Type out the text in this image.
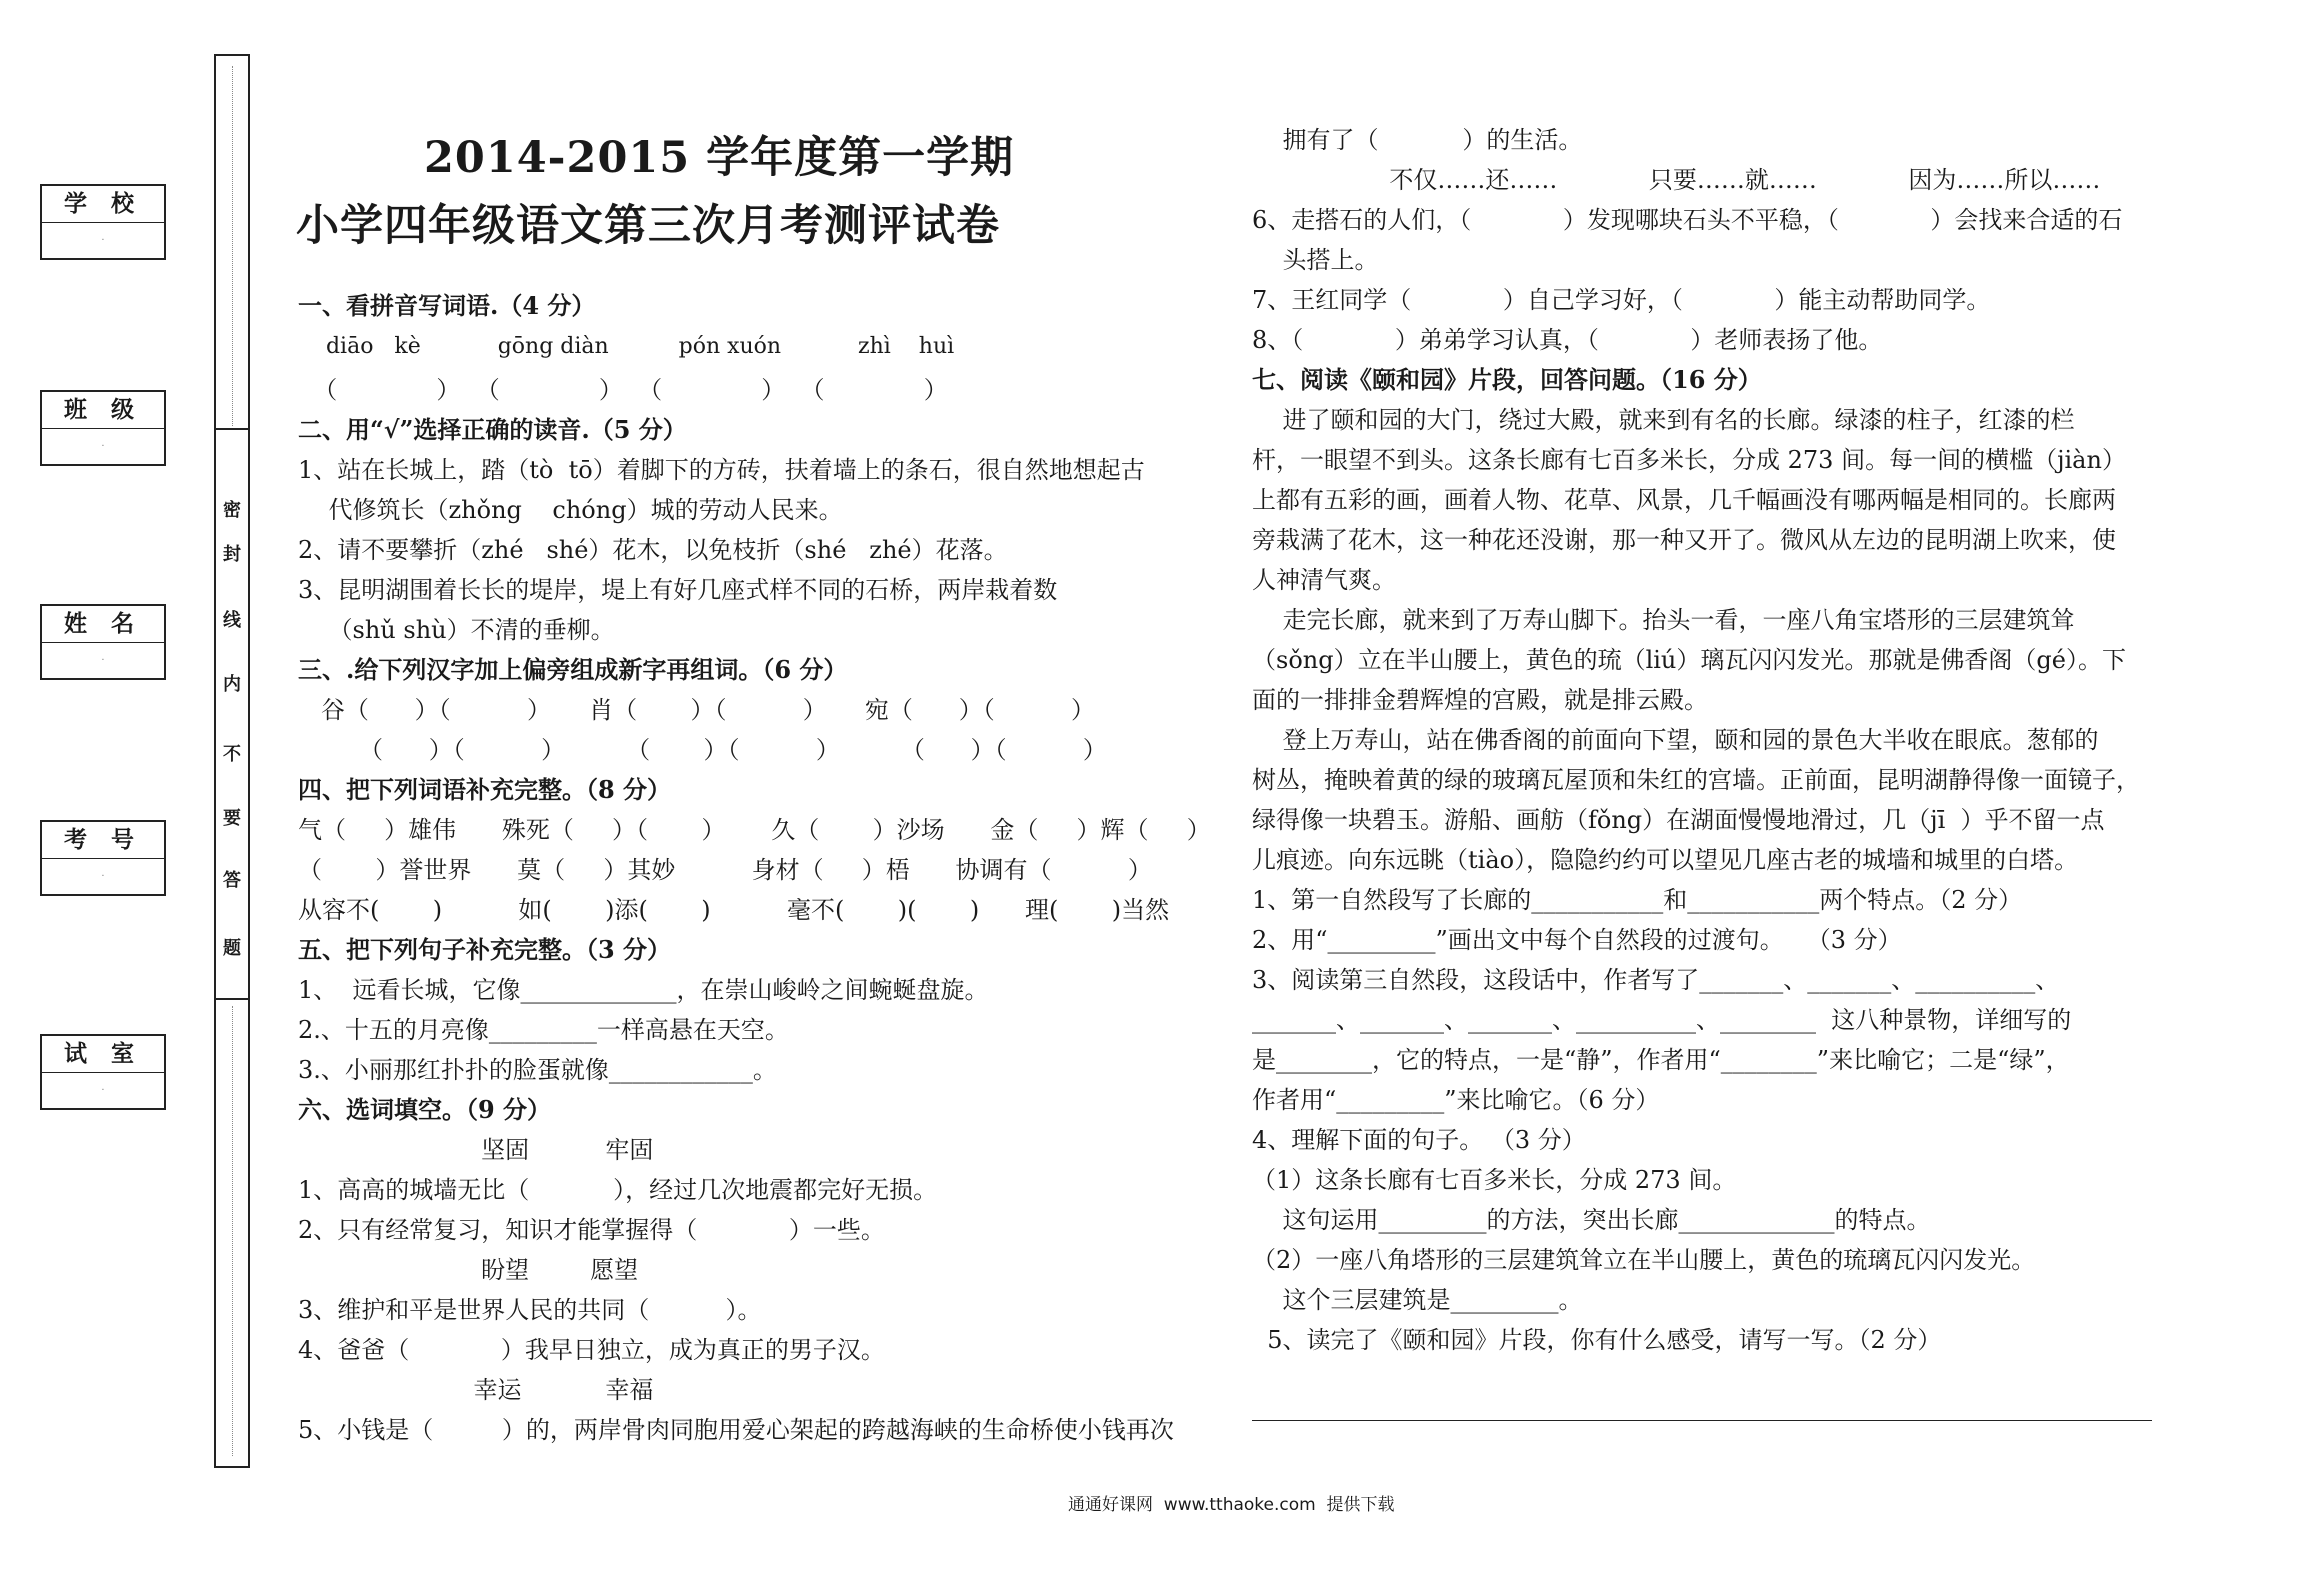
学 校
·
班 级
·
姓 名
·
考 号
·
试 室
·
密
封
线
内
不
要
答
题
2014-2015 学年度第一学期
小学四年级语文第三次月考测评试卷
一、看拼音写词语.（4 分）
diāo   kè           gōng diàn          pón xuón           zhì    huì
（             ）  （             ）  （             ）  （             ）
二、用“√”选择正确的读音.（5 分）
1、站在长城上，踏（tò  tō）着脚下的方砖，扶着墙上的条石，很自然地想起古
代修筑长（zhǒng    chóng）城的劳动人民来。
2、请不要攀折（zhé   shé）花木，以免枝折（shé   zhé）花落。
3、昆明湖围着长长的堤岸，堤上有好几座式样不同的石桥，两岸栽着数
（shǔ shù）不清的垂柳。
三、.给下列汉字加上偏旁组成新字再组词。（6 分）
谷（      ）（          ）     肖（       ）（          ）     宛（      ）（          ）
（      ）（          ）        （       ）（          ）        （      ）（          ）
四、把下列词语补充完整。（8 分）
气（     ）雄伟      殊死（     ）（       ）      久（       ）沙场      金（     ）辉（     ）
（       ）誉世界      莫（     ）其妙          身材（     ）梧      协调有（          ）
从容不(       )          如(       )添(       )          毫不(       )(       )      理(       )当然
五、把下列句子补充完整。（3 分）
1、  远看长城，它像_____________，在崇山峻岭之间蜿蜒盘旋。
2.、十五的月亮像_________一样高悬在天空。
3.、小丽那红扑扑的脸蛋就像____________。
六、选词填空。（9 分）
坚固          牢固
1、高高的城墙无比（           ），经过几次地震都完好无损。
2、只有经常复习，知识才能掌握得（            ）一些。
盼望        愿望
3、维护和平是世界人民的共同（          ）。
4、爸爸（            ）我早日独立，成为真正的男子汉。
幸运           幸福
5、小钱是（         ）的，两岸骨肉同胞用爱心架起的跨越海峡的生命桥使小钱再次
拥有了（           ）的生活。
不仅……还……            只要……就……            因为……所以……
6、走搭石的人们，（            ）发现哪块石头不平稳，（            ）会找来合适的石
头搭上。
7、王红同学（            ）自己学习好，（            ）能主动帮助同学。
8、（            ）弟弟学习认真，（            ）老师表扬了他。
七、阅读《颐和园》片段，回答问题。（16 分）
进了颐和园的大门，绕过大殿，就来到有名的长廊。绿漆的柱子，红漆的栏
杆，一眼望不到头。这条长廊有七百多米长，分成 273 间。每一间的横槛（jiàn）
上都有五彩的画，画着人物、花草、风景，几千幅画没有哪两幅是相同的。长廊两
旁栽满了花木，这一种花还没谢，那一种又开了。微风从左边的昆明湖上吹来，使
人神清气爽。
走完长廊，就来到了万寿山脚下。抬头一看，一座八角宝塔形的三层建筑耸
（sǒng）立在半山腰上，黄色的琉（liú）璃瓦闪闪发光。那就是佛香阁（gé）。下
面的一排排金碧辉煌的宫殿，就是排云殿。
登上万寿山，站在佛香阁的前面向下望，颐和园的景色大半收在眼底。葱郁的
树丛，掩映着黄的绿的玻璃瓦屋顶和朱红的宫墙。正前面，昆明湖静得像一面镜子，
绿得像一块碧玉。游船、画舫（fǒng）在湖面慢慢地滑过，几（jī  ）乎不留一点
儿痕迹。向东远眺（tiào），隐隐约约可以望见几座古老的城墙和城里的白塔。
1、第一自然段写了长廊的___________和___________两个特点。（2 分）
2、用“_________”画出文中每个自然段的过渡句。   （3 分）
3、阅读第三自然段，这段话中，作者写了_______、_______、__________、
_______、_______、_______、__________、________  这八种景物，详细写的
是________，它的特点，一是“静”，作者用“________”来比喻它；二是“绿”，
作者用“_________”来比喻它。（6 分）
4、理解下面的句子。 （3 分）
（1）这条长廊有七百多米长，分成 273 间。
这句运用_________的方法，突出长廊_____________的特点。
（2）一座八角塔形的三层建筑耸立在半山腰上，黄色的琉璃瓦闪闪发光。
这个三层建筑是_________。
5、读完了《颐和园》片段，你有什么感受，请写一写。（2 分）
通通好课网  www.tthaoke.com  提供下载
